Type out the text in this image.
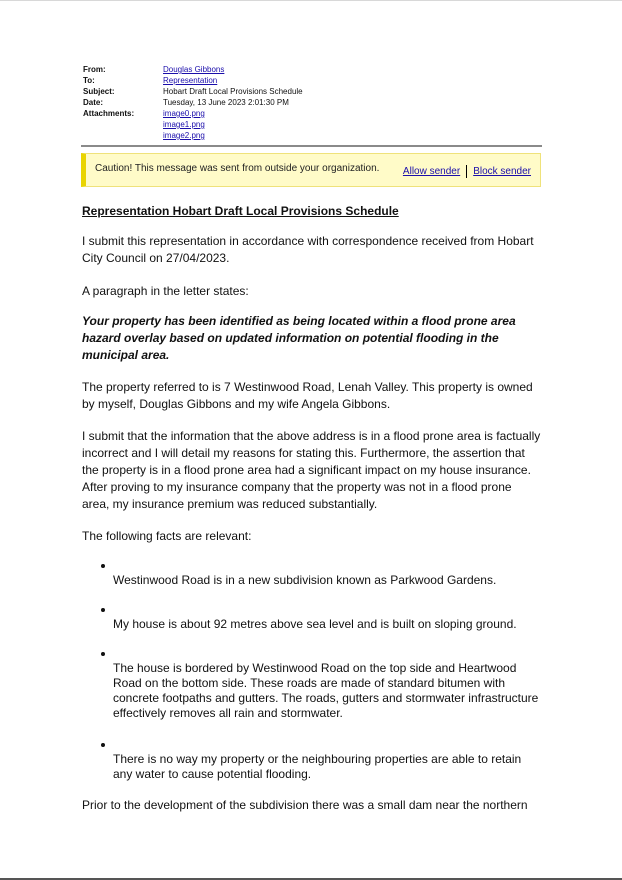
From:	Douglas Gibbons
To:	Representation
Subject:	Hobart Draft Local Provisions Schedule
Date:	Tuesday, 13 June 2023 2:01:30 PM
Attachments:	image0.png
image1.png
image2.png
Caution! This message was sent from outside your organization. Allow sender Block sender
Representation Hobart Draft Local Provisions Schedule
I submit this representation in accordance with correspondence received from Hobart City Council on 27/04/2023.
A paragraph in the letter states:
Your property has been identified as being located within a flood prone area hazard overlay based on updated information on potential flooding in the municipal area.
The property referred to is 7 Westinwood Road, Lenah Valley. This property is owned by myself, Douglas Gibbons and my wife Angela Gibbons.
I submit that the information that the above address is in a flood prone area is factually incorrect and I will detail my reasons for stating this. Furthermore, the assertion that the property is in a flood prone area had a significant impact on my house insurance. After proving to my insurance company that the property was not in a flood prone area, my insurance premium was reduced substantially.
The following facts are relevant:
Westinwood Road is in a new subdivision known as Parkwood Gardens.
My house is about 92 metres above sea level and is built on sloping ground.
The house is bordered by Westinwood Road on the top side and Heartwood Road on the bottom side. These roads are made of standard bitumen with concrete footpaths and gutters. The roads, gutters and stormwater infrastructure effectively removes all rain and stormwater.
There is no way my property or the neighbouring properties are able to retain any water to cause potential flooding.
Prior to the development of the subdivision there was a small dam near the northern
